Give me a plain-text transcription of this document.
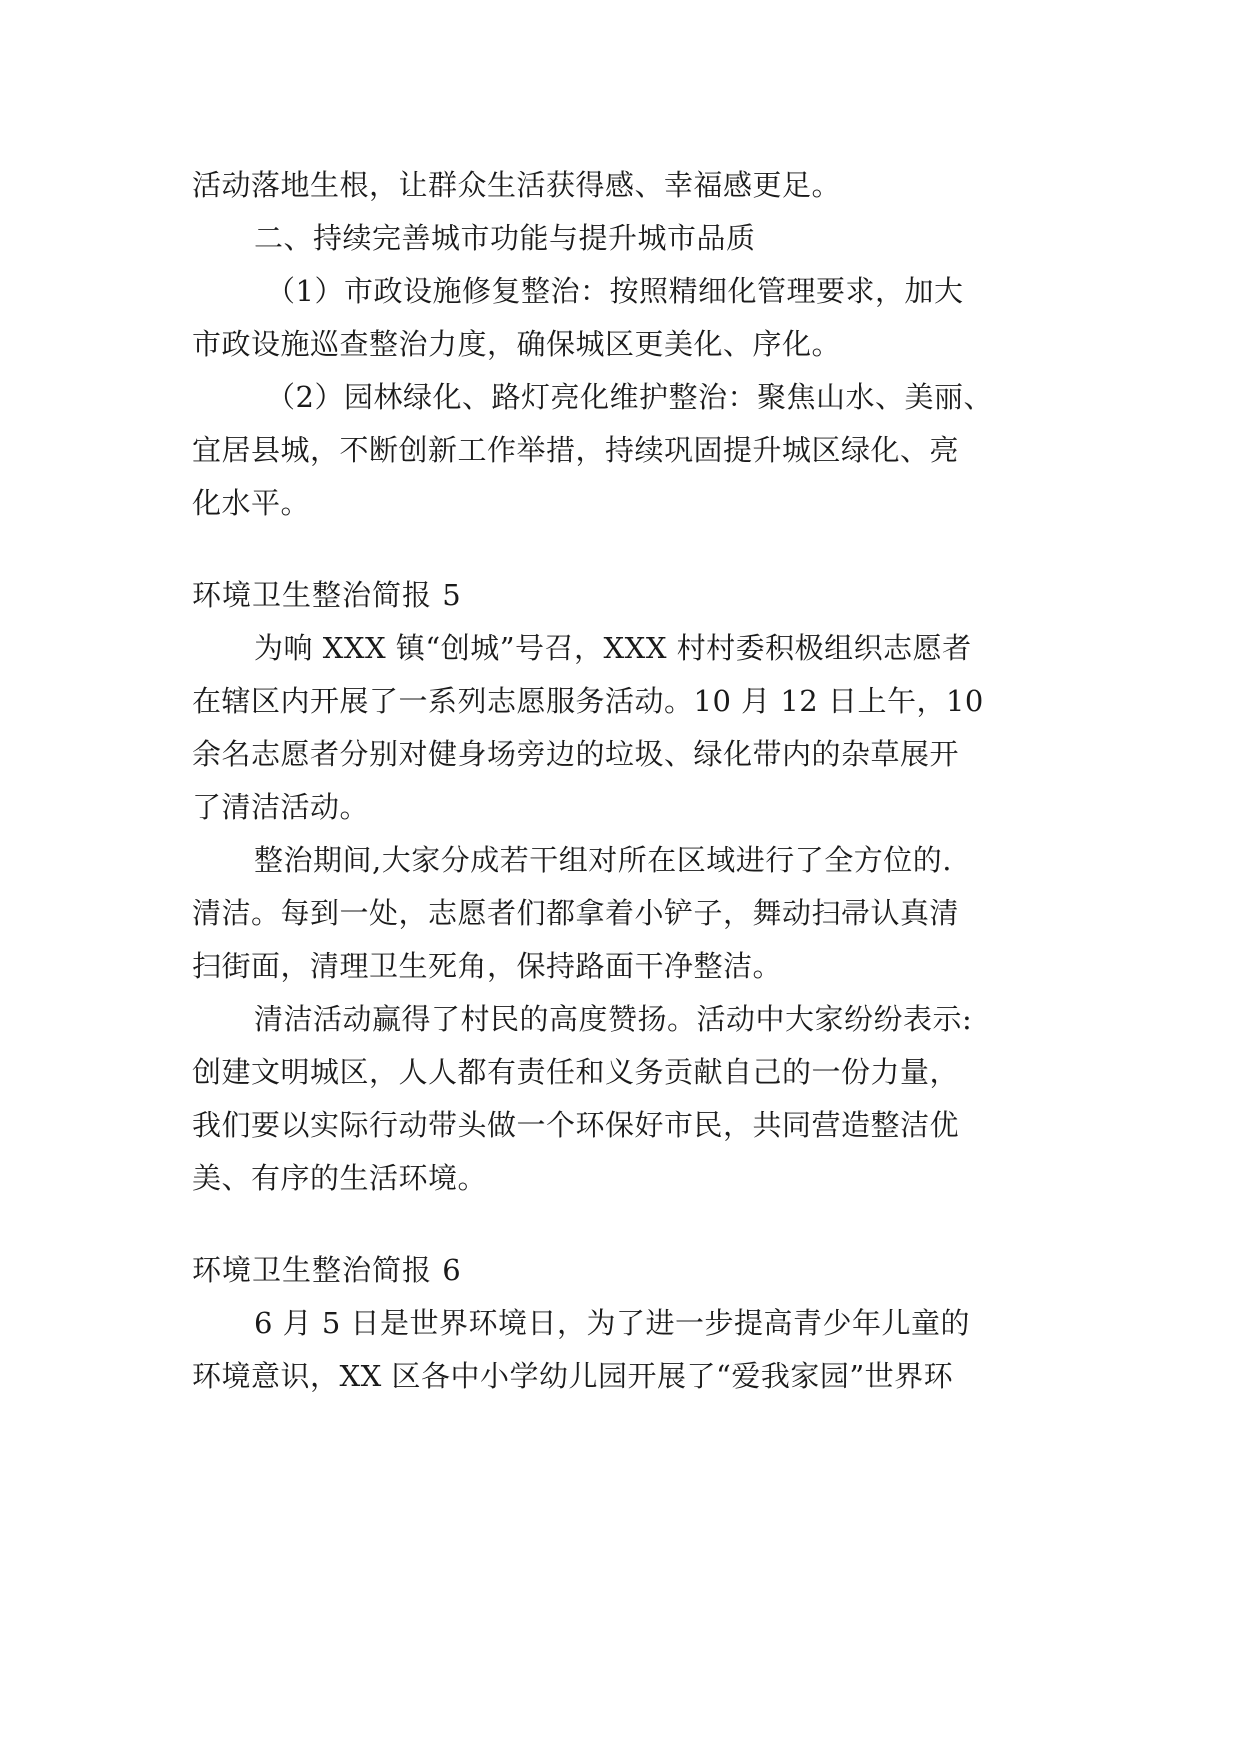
活动落地生根，让群众生活获得感、幸福感更足。
二、持续完善城市功能与提升城市品质
（1）市政设施修复整治：按照精细化管理要求，加大
市政设施巡查整治力度，确保城区更美化、序化。
（2）园林绿化、路灯亮化维护整治：聚焦山水、美丽、
宜居县城，不断创新工作举措，持续巩固提升城区绿化、亮
化水平。
环境卫生整治简报 5
为响 XXX 镇“创城”号召，XXX 村村委积极组织志愿者
在辖区内开展了一系列志愿服务活动。10 月 12 日上午，10
余名志愿者分别对健身场旁边的垃圾、绿化带内的杂草展开
了清洁活动。
整治期间,大家分成若干组对所在区域进行了全方位的.
清洁。每到一处，志愿者们都拿着小铲子，舞动扫帚认真清
扫街面，清理卫生死角，保持路面干净整洁。
清洁活动赢得了村民的高度赞扬。活动中大家纷纷表示:
创建文明城区，人人都有责任和义务贡献自己的一份力量，
我们要以实际行动带头做一个环保好市民，共同营造整洁优
美、有序的生活环境。
环境卫生整治简报 6
6 月 5 日是世界环境日，为了进一步提高青少年儿童的
环境意识，XX 区各中小学幼儿园开展了“爱我家园”世界环
